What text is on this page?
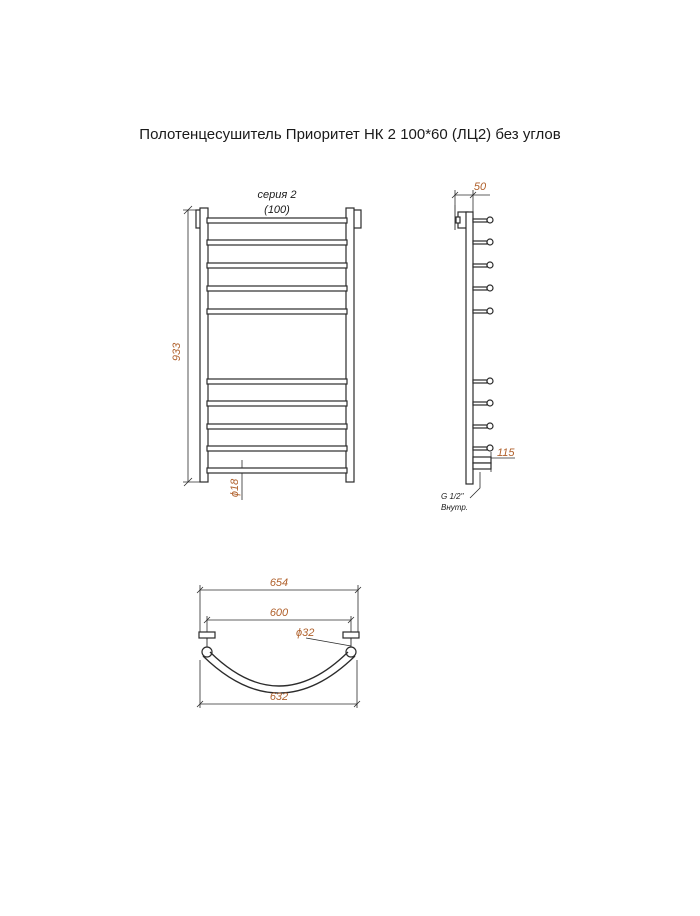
Полотенцесушитель Приоритет НК 2 100*60 (ЛЦ2) без углов
933
серия 2
(100)
ϕ18
50
115
G 1/2"
Внутр.
654
600
ϕ32
632
